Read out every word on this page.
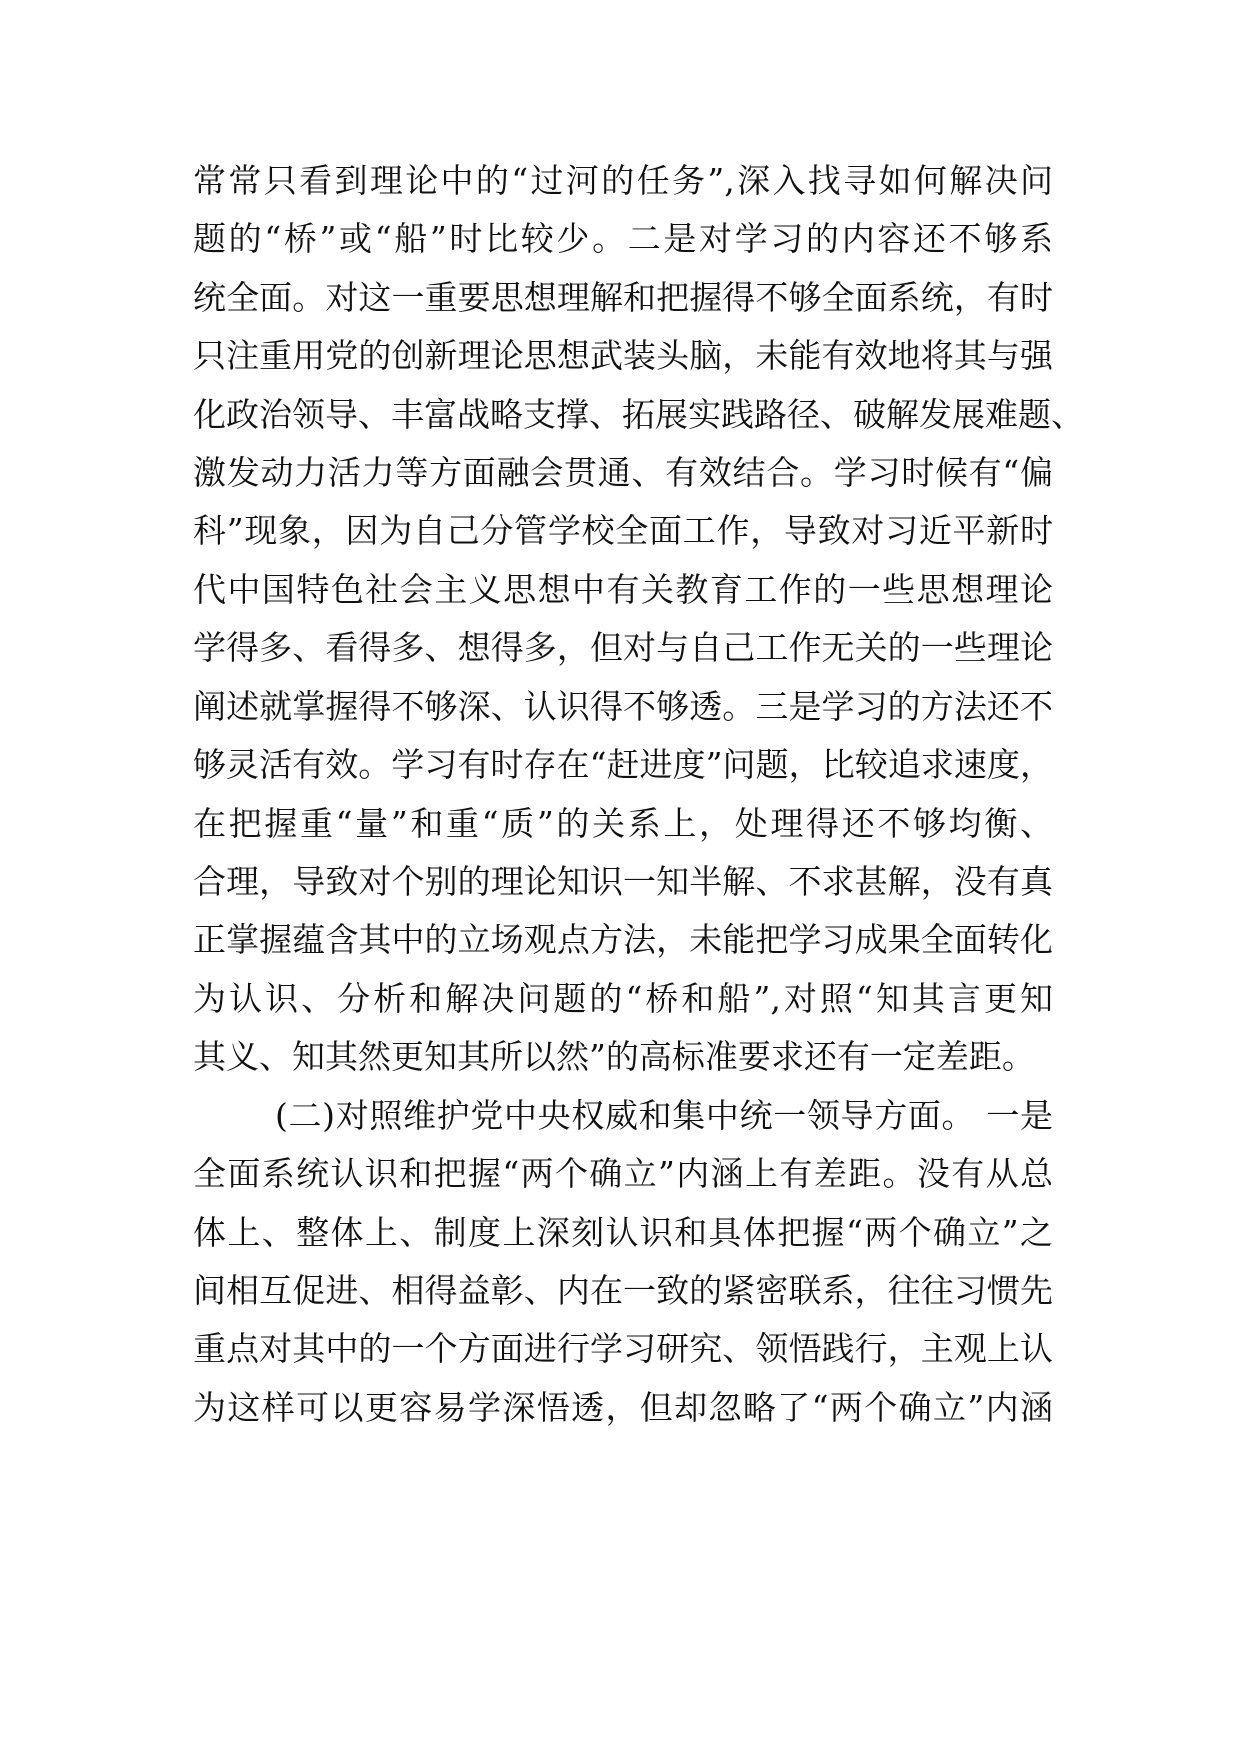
常常只看到理论中的“过河的任务”,深入找寻如何解决问
题的“桥”或“船”时比较少。二是对学习的内容还不够系
统全面。对这一重要思想理解和把握得不够全面系统，有时
只注重用党的创新理论思想武装头脑，未能有效地将其与强
化政治领导、丰富战略支撑、拓展实践路径、破解发展难题、
激发动力活力等方面融会贯通、有效结合。学习时候有“偏
科”现象，因为自己分管学校全面工作，导致对习近平新时
代中国特色社会主义思想中有关教育工作的一些思想理论
学得多、看得多、想得多，但对与自己工作无关的一些理论
阐述就掌握得不够深、认识得不够透。三是学习的方法还不
够灵活有效。学习有时存在“赶进度”问题，比较追求速度，
在把握重“量”和重“质”的关系上，处理得还不够均衡、
合理，导致对个别的理论知识一知半解、不求甚解，没有真
正掌握蕴含其中的立场观点方法，未能把学习成果全面转化
为认识、分析和解决问题的“桥和船”,对照“知其言更知
其义、知其然更知其所以然”的高标准要求还有一定差距。
(二)对照维护党中央权威和集中统一领导方面。 一是
全面系统认识和把握“两个确立”内涵上有差距。没有从总
体上、整体上、制度上深刻认识和具体把握“两个确立”之
间相互促进、相得益彰、内在一致的紧密联系，往往习惯先
重点对其中的一个方面进行学习研究、领悟践行，主观上认
为这样可以更容易学深悟透，但却忽略了“两个确立”内涵
